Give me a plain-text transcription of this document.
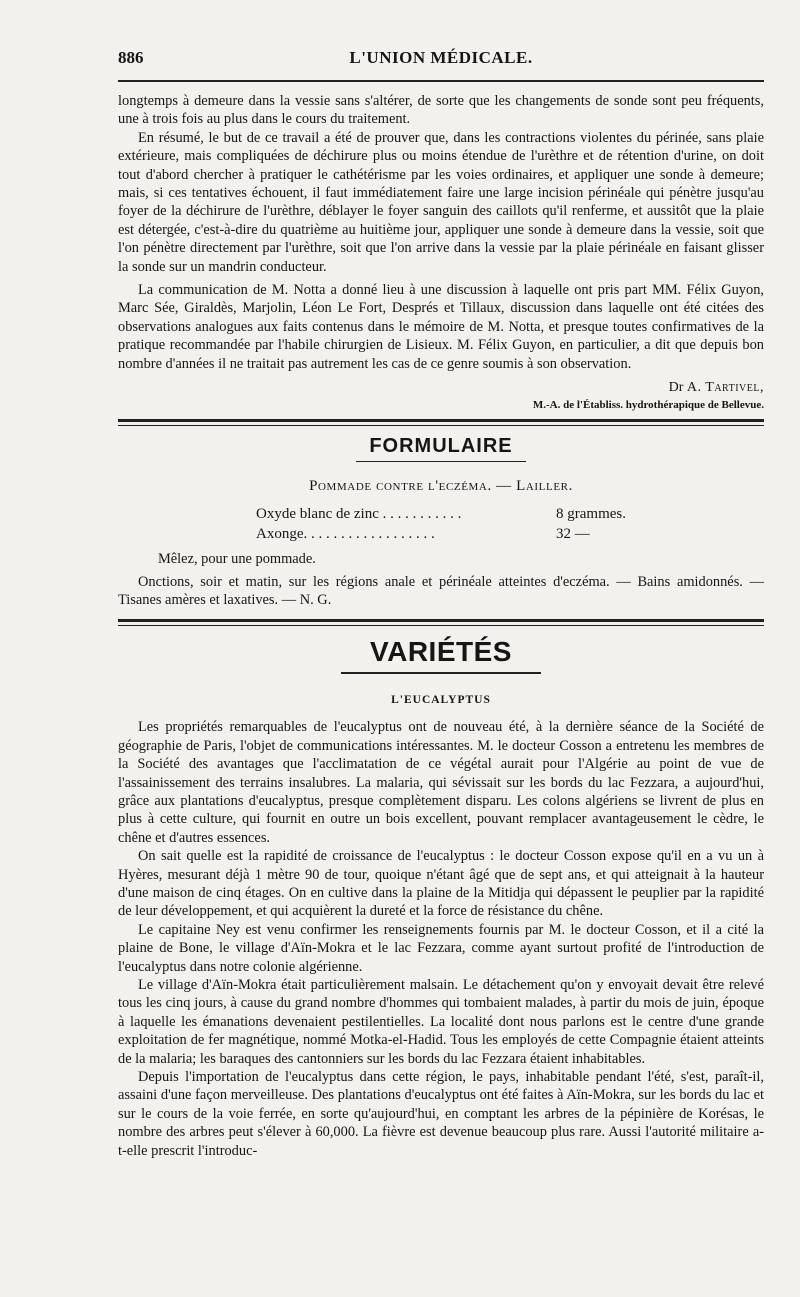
886	L'UNION MÉDICALE.

longtemps à demeure dans la vessie sans s'altérer, de sorte que les changements de sonde sont peu fréquents, une à trois fois au plus dans le cours du traitement.

En résumé, le but de ce travail a été de prouver que, dans les contractions violentes du périnée, sans plaie extérieure, mais compliquées de déchirure plus ou moins étendue de l'urèthre et de rétention d'urine, on doit tout d'abord chercher à pratiquer le cathétérisme par les voies ordinaires, et appliquer une sonde à demeure; mais, si ces tentatives échouent, il faut immédiatement faire une large incision périnéale qui pénètre jusqu'au foyer de la déchirure de l'urèthre, déblayer le foyer sanguin des caillots qu'il renferme, et aussitôt que la plaie est détergée, c'est-à-dire du quatrième au huitième jour, appliquer une sonde à demeure dans la vessie, soit que l'on pénètre directement par l'urèthre, soit que l'on arrive dans la vessie par la plaie périnéale en faisant glisser la sonde sur un mandrin conducteur.

La communication de M. Notta a donné lieu à une discussion à laquelle ont pris part MM. Félix Guyon, Marc Sée, Giraldès, Marjolin, Léon Le Fort, Després et Tillaux, discussion dans laquelle ont été citées des observations analogues aux faits contenus dans le mémoire de M. Notta, et presque toutes confirmatives de la pratique recommandée par l'habile chirurgien de Lisieux. M. Félix Guyon, en particulier, a dit que depuis bon nombre d'années il ne traitait pas autrement les cas de ce genre soumis à son observation.

Dr A. Tartivel,
M.-A. de l'Établiss. hydrothérapique de Bellevue.
FORMULAIRE
Pommade contre l'eczéma. — Lailler.
Oxyde blanc de zinc . . . . . . . . . . .	8 grammes.
Axonge. . . . . . . . . . . . . . . . . .	32 —

Mêlez, pour une pommade.

Onctions, soir et matin, sur les régions anale et périnéale atteintes d'eczéma. — Bains amidonnés. — Tisanes amères et laxatives. — N. G.

VARIÉTÉS
L'EUCALYPTUS

Les propriétés remarquables de l'eucalyptus ont de nouveau été, à la dernière séance de la Société de géographie de Paris, l'objet de communications intéressantes. M. le docteur Cosson a entretenu les membres de la Société des avantages que l'acclimatation de ce végétal aurait pour l'Algérie au point de vue de l'assainissement des terrains insalubres. La malaria, qui sévissait sur les bords du lac Fezzara, a aujourd'hui, grâce aux plantations d'eucalyptus, presque complètement disparu. Les colons algériens se livrent de plus en plus à cette culture, qui fournit en outre un bois excellent, pouvant remplacer avantageusement le cèdre, le chêne et d'autres essences.

On sait quelle est la rapidité de croissance de l'eucalyptus : le docteur Cosson expose qu'il en a vu un à Hyères, mesurant déjà 1 mètre 90 de tour, quoique n'étant âgé que de sept ans, et qui atteignait à la hauteur d'une maison de cinq étages. On en cultive dans la plaine de la Mitidja qui dépassent le peuplier par la rapidité de leur développement, et qui acquièrent la dureté et la force de résistance du chêne.

Le capitaine Ney est venu confirmer les renseignements fournis par M. le docteur Cosson, et il a cité la plaine de Bone, le village d'Aïn-Mokra et le lac Fezzara, comme ayant surtout profité de l'introduction de l'eucalyptus dans notre colonie algérienne.

Le village d'Aïn-Mokra était particulièrement malsain. Le détachement qu'on y envoyait devait être relevé tous les cinq jours, à cause du grand nombre d'hommes qui tombaient malades, à partir du mois de juin, époque à laquelle les émanations devenaient pestilentielles. La localité dont nous parlons est le centre d'une grande exploitation de fer magnétique, nommé Motka-el-Hadid. Tous les employés de cette Compagnie étaient atteints de la malaria; les baraques des cantonniers sur les bords du lac Fezzara étaient inhabitables.

Depuis l'importation de l'eucalyptus dans cette région, le pays, inhabitable pendant l'été, s'est, paraît-il, assaini d'une façon merveilleuse. Des plantations d'eucalyptus ont été faites à Aïn-Mokra, sur les bords du lac et sur le cours de la voie ferrée, en sorte qu'aujourd'hui, en comptant les arbres de la pépinière de Korésas, le nombre des arbres peut s'élever à 60,000. La fièvre est devenue beaucoup plus rare. Aussi l'autorité militaire a-t-elle prescrit l'introduc-
